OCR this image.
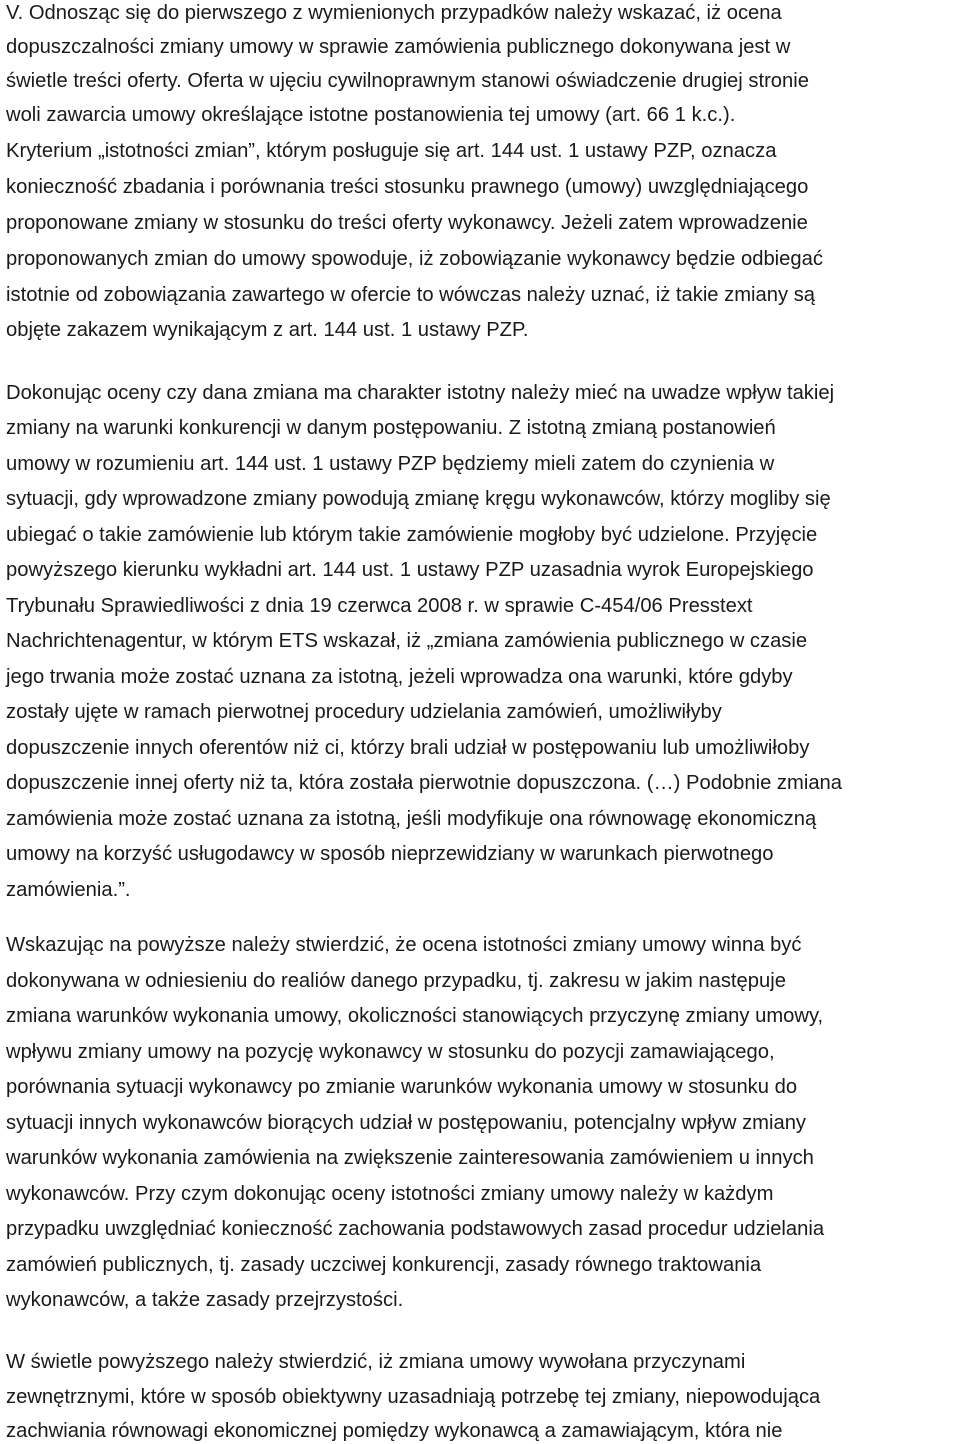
V. Odnosząc się do pierwszego z wymienionych przypadków należy wskazać, iż ocena
dopuszczalności zmiany umowy w sprawie zamówienia publicznego dokonywana jest w
świetle treści oferty. Oferta w ujęciu cywilnoprawnym stanowi oświadczenie drugiej stronie
woli zawarcia umowy określające istotne postanowienia tej umowy (art. 66 1 k.c.).
Kryterium „istotności zmian”, którym posługuje się art. 144 ust. 1 ustawy PZP, oznacza
konieczność zbadania i porównania treści stosunku prawnego (umowy) uwzględniającego
proponowane zmiany w stosunku do treści oferty wykonawcy. Jeżeli zatem wprowadzenie
proponowanych zmian do umowy spowoduje, iż zobowiązanie wykonawcy będzie odbiegać
istotnie od zobowiązania zawartego w ofercie to wówczas należy uznać, iż takie zmiany są
objęte zakazem wynikającym z art. 144 ust. 1 ustawy PZP.
Dokonując oceny czy dana zmiana ma charakter istotny należy mieć na uwadze wpływ takiej
zmiany na warunki konkurencji w danym postępowaniu. Z istotną zmianą postanowień
umowy w rozumieniu art. 144 ust. 1 ustawy PZP będziemy mieli zatem do czynienia w
sytuacji, gdy wprowadzone zmiany powodują zmianę kręgu wykonawców, którzy mogliby się
ubiegać o takie zamówienie lub którym takie zamówienie mogłoby być udzielone. Przyjęcie
powyższego kierunku wykładni art. 144 ust. 1 ustawy PZP uzasadnia wyrok Europejskiego
Trybunału Sprawiedliwości z dnia 19 czerwca 2008 r. w sprawie C-454/06 Presstext
Nachrichtenagentur, w którym ETS wskazał, iż „zmiana zamówienia publicznego w czasie
jego trwania może zostać uznana za istotną, jeżeli wprowadza ona warunki, które gdyby
zostały ujęte w ramach pierwotnej procedury udzielania zamówień, umożliwiłyby
dopuszczenie innych oferentów niż ci, którzy brali udział w postępowaniu lub umożliwiłoby
dopuszczenie innej oferty niż ta, która została pierwotnie dopuszczona. (…) Podobnie zmiana
zamówienia może zostać uznana za istotną, jeśli modyfikuje ona równowagę ekonomiczną
umowy na korzyść usługodawcy w sposób nieprzewidziany w warunkach pierwotnego
zamówienia.”.
Wskazując na powyższe należy stwierdzić, że ocena istotności zmiany umowy winna być
dokonywana w odniesieniu do realiów danego przypadku, tj. zakresu w jakim następuje
zmiana warunków wykonania umowy, okoliczności stanowiących przyczynę zmiany umowy,
wpływu zmiany umowy na pozycję wykonawcy w stosunku do pozycji zamawiającego,
porównania sytuacji wykonawcy po zmianie warunków wykonania umowy w stosunku do
sytuacji innych wykonawców biorących udział w postępowaniu, potencjalny wpływ zmiany
warunków wykonania zamówienia na zwiększenie zainteresowania zamówieniem u innych
wykonawców. Przy czym dokonując oceny istotności zmiany umowy należy w każdym
przypadku uwzględniać konieczność zachowania podstawowych zasad procedur udzielania
zamówień publicznych, tj. zasady uczciwej konkurencji, zasady równego traktowania
wykonawców, a także zasady przejrzystości.
W świetle powyższego należy stwierdzić, iż zmiana umowy wywołana przyczynami
zewnętrznymi, które w sposób obiektywny uzasadniają potrzebę tej zmiany, niepowodująca
zachwiania równowagi ekonomicznej pomiędzy wykonawcą a zamawiającym, która nie
